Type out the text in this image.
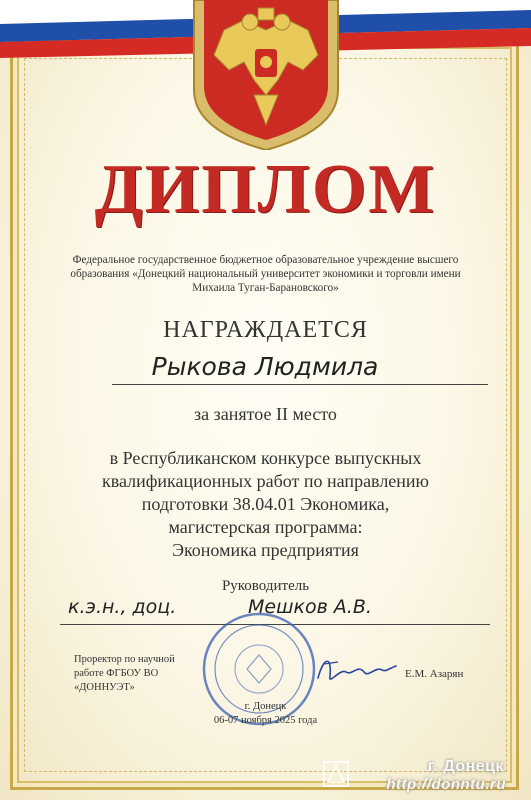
ДИПЛОМ
Федеральное государственное бюджетное образовательное учреждение высшего образования «Донецкий национальный университет экономики и торговли имени Михаила Туган-Барановского»
НАГРАЖДАЕТСЯ
Рыкова Людмила
за занятое II место
в Республиканском конкурсе выпускных
квалификационных работ по направлению
подготовки 38.04.01 Экономика,
магистерская программа:
Экономика предприятия
Руководитель
к.э.н., доц.	Мешков А.В.
Проректор по научной работе ФГБОУ ВО «ДОННУЭТ»
Е.М. Азарян
г. Донецк
06-07 ноября 2025 года
г. Донецк
http://donntu.ru
